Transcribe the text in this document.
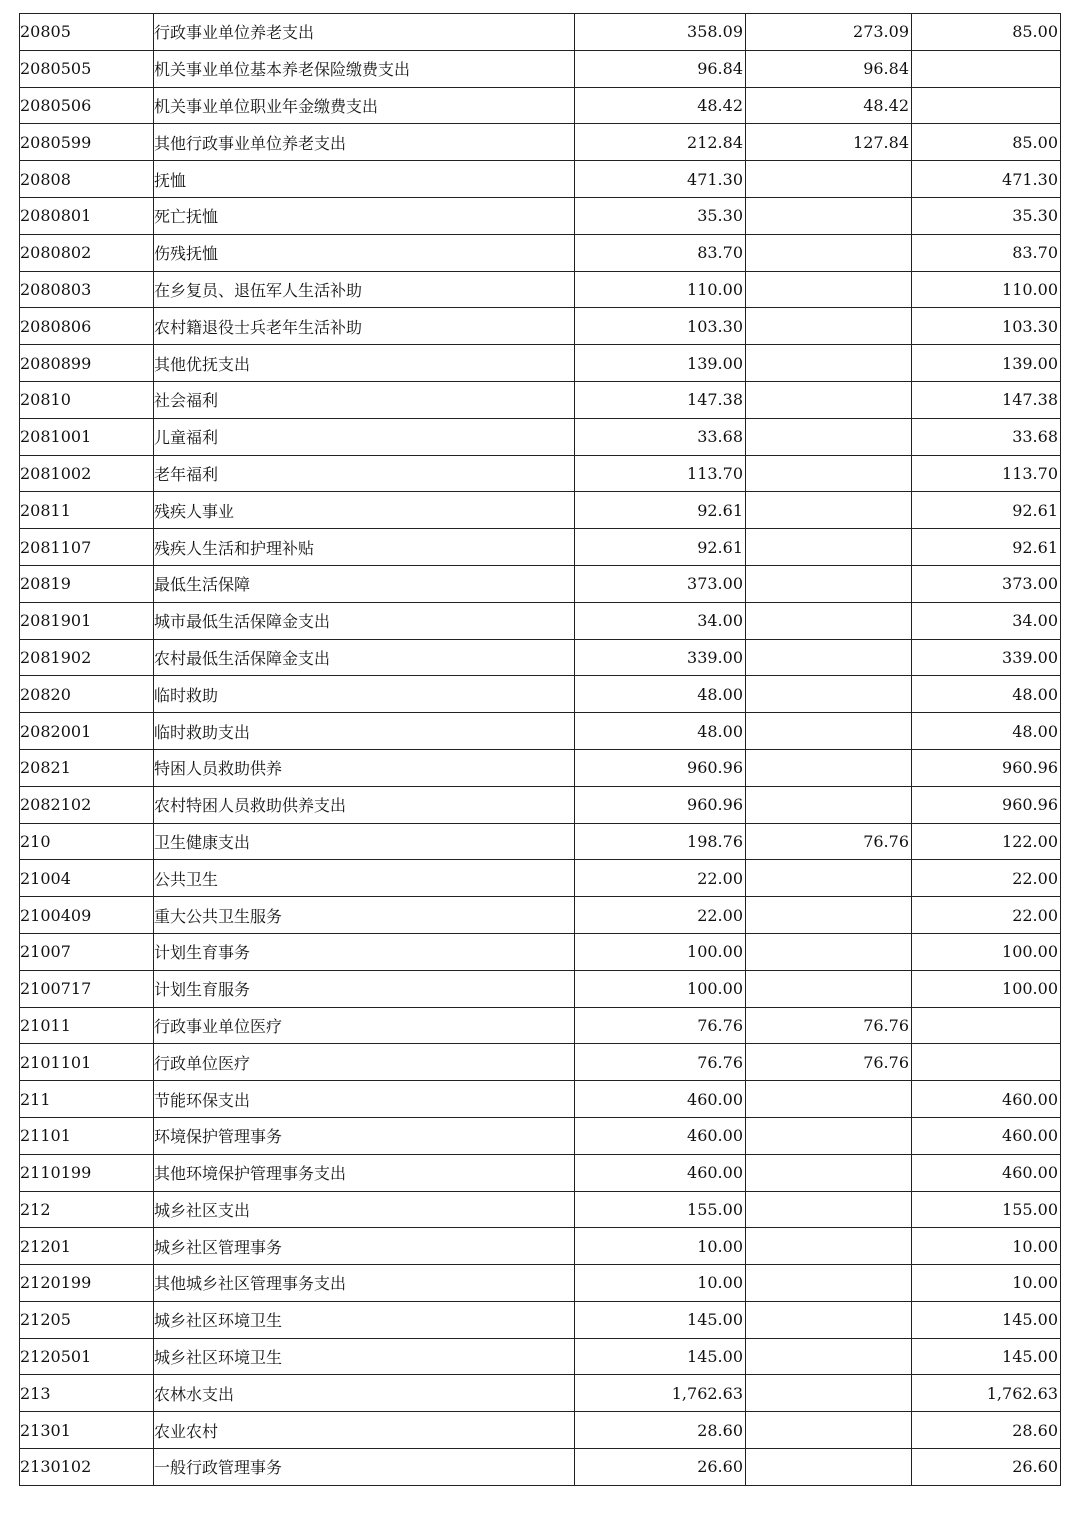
20805	行政事业单位养老支出	358.09	273.09	85.00
2080505	机关事业单位基本养老保险缴费支出	96.84	96.84	
2080506	机关事业单位职业年金缴费支出	48.42	48.42	
2080599	其他行政事业单位养老支出	212.84	127.84	85.00
20808	抚恤	471.30		471.30
2080801	死亡抚恤	35.30		35.30
2080802	伤残抚恤	83.70		83.70
2080803	在乡复员、退伍军人生活补助	110.00		110.00
2080806	农村籍退役士兵老年生活补助	103.30		103.30
2080899	其他优抚支出	139.00		139.00
20810	社会福利	147.38		147.38
2081001	儿童福利	33.68		33.68
2081002	老年福利	113.70		113.70
20811	残疾人事业	92.61		92.61
2081107	残疾人生活和护理补贴	92.61		92.61
20819	最低生活保障	373.00		373.00
2081901	城市最低生活保障金支出	34.00		34.00
2081902	农村最低生活保障金支出	339.00		339.00
20820	临时救助	48.00		48.00
2082001	临时救助支出	48.00		48.00
20821	特困人员救助供养	960.96		960.96
2082102	农村特困人员救助供养支出	960.96		960.96
210	卫生健康支出	198.76	76.76	122.00
21004	公共卫生	22.00		22.00
2100409	重大公共卫生服务	22.00		22.00
21007	计划生育事务	100.00		100.00
2100717	计划生育服务	100.00		100.00
21011	行政事业单位医疗	76.76	76.76	
2101101	行政单位医疗	76.76	76.76	
211	节能环保支出	460.00		460.00
21101	环境保护管理事务	460.00		460.00
2110199	其他环境保护管理事务支出	460.00		460.00
212	城乡社区支出	155.00		155.00
21201	城乡社区管理事务	10.00		10.00
2120199	其他城乡社区管理事务支出	10.00		10.00
21205	城乡社区环境卫生	145.00		145.00
2120501	城乡社区环境卫生	145.00		145.00
213	农林水支出	1,762.63		1,762.63
21301	农业农村	28.60		28.60
2130102	一般行政管理事务	26.60		26.60
